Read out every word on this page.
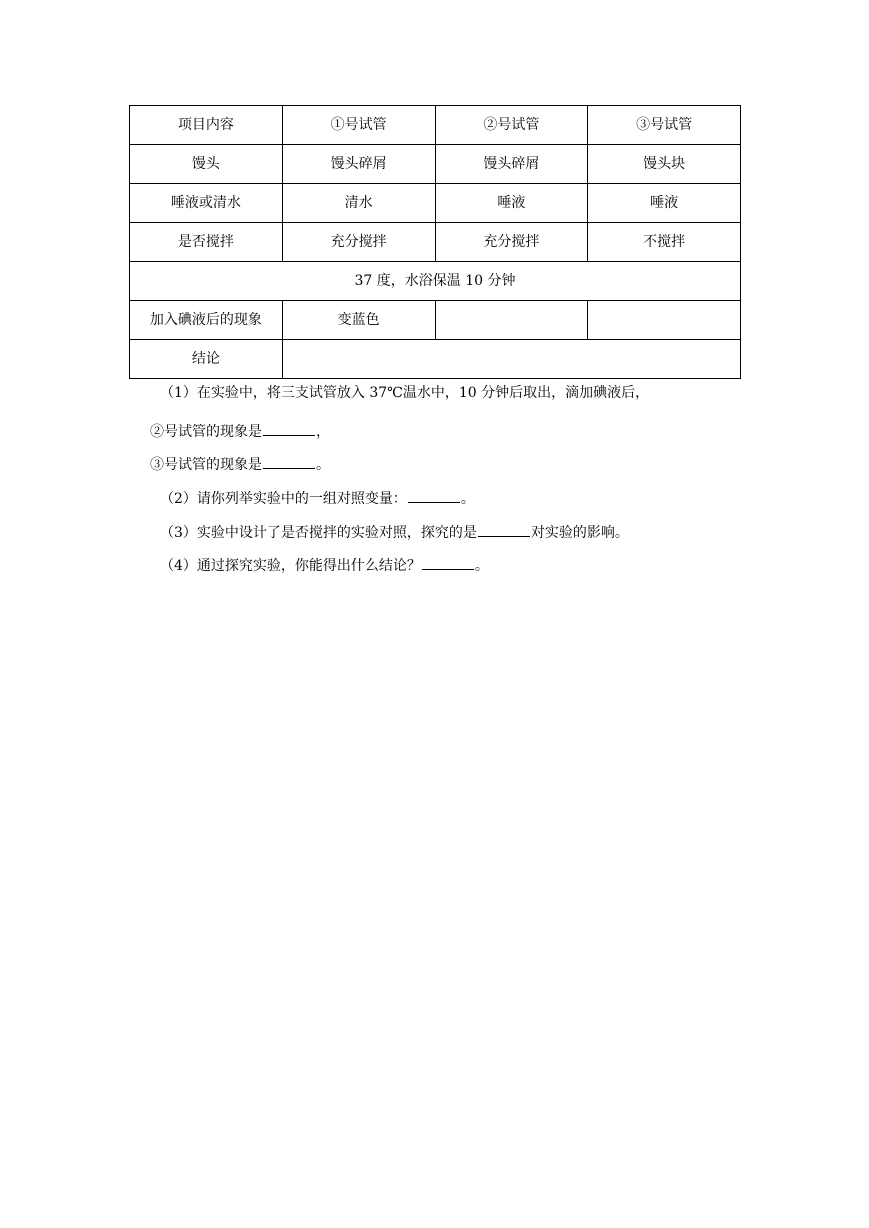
项目内容	①号试管	②号试管	③号试管
馒头	馒头碎屑	馒头碎屑	馒头块
唾液或清水	清水	唾液	唾液
是否搅拌	充分搅拌	充分搅拌	不搅拌
37 度，水浴保温 10 分钟			
加入碘液后的现象	变蓝色		
结论			
（1）在实验中，将三支试管放入 37℃温水中，10 分钟后取出，滴加碘液后，
②号试管的现象是	，
③号试管的现象是	。
（2）请你列举实验中的一组对照变量：	。
（3）实验中设计了是否搅拌的实验对照，探究的是	对实验的影响。
（4）通过探究实验，你能得出什么结论？	。
